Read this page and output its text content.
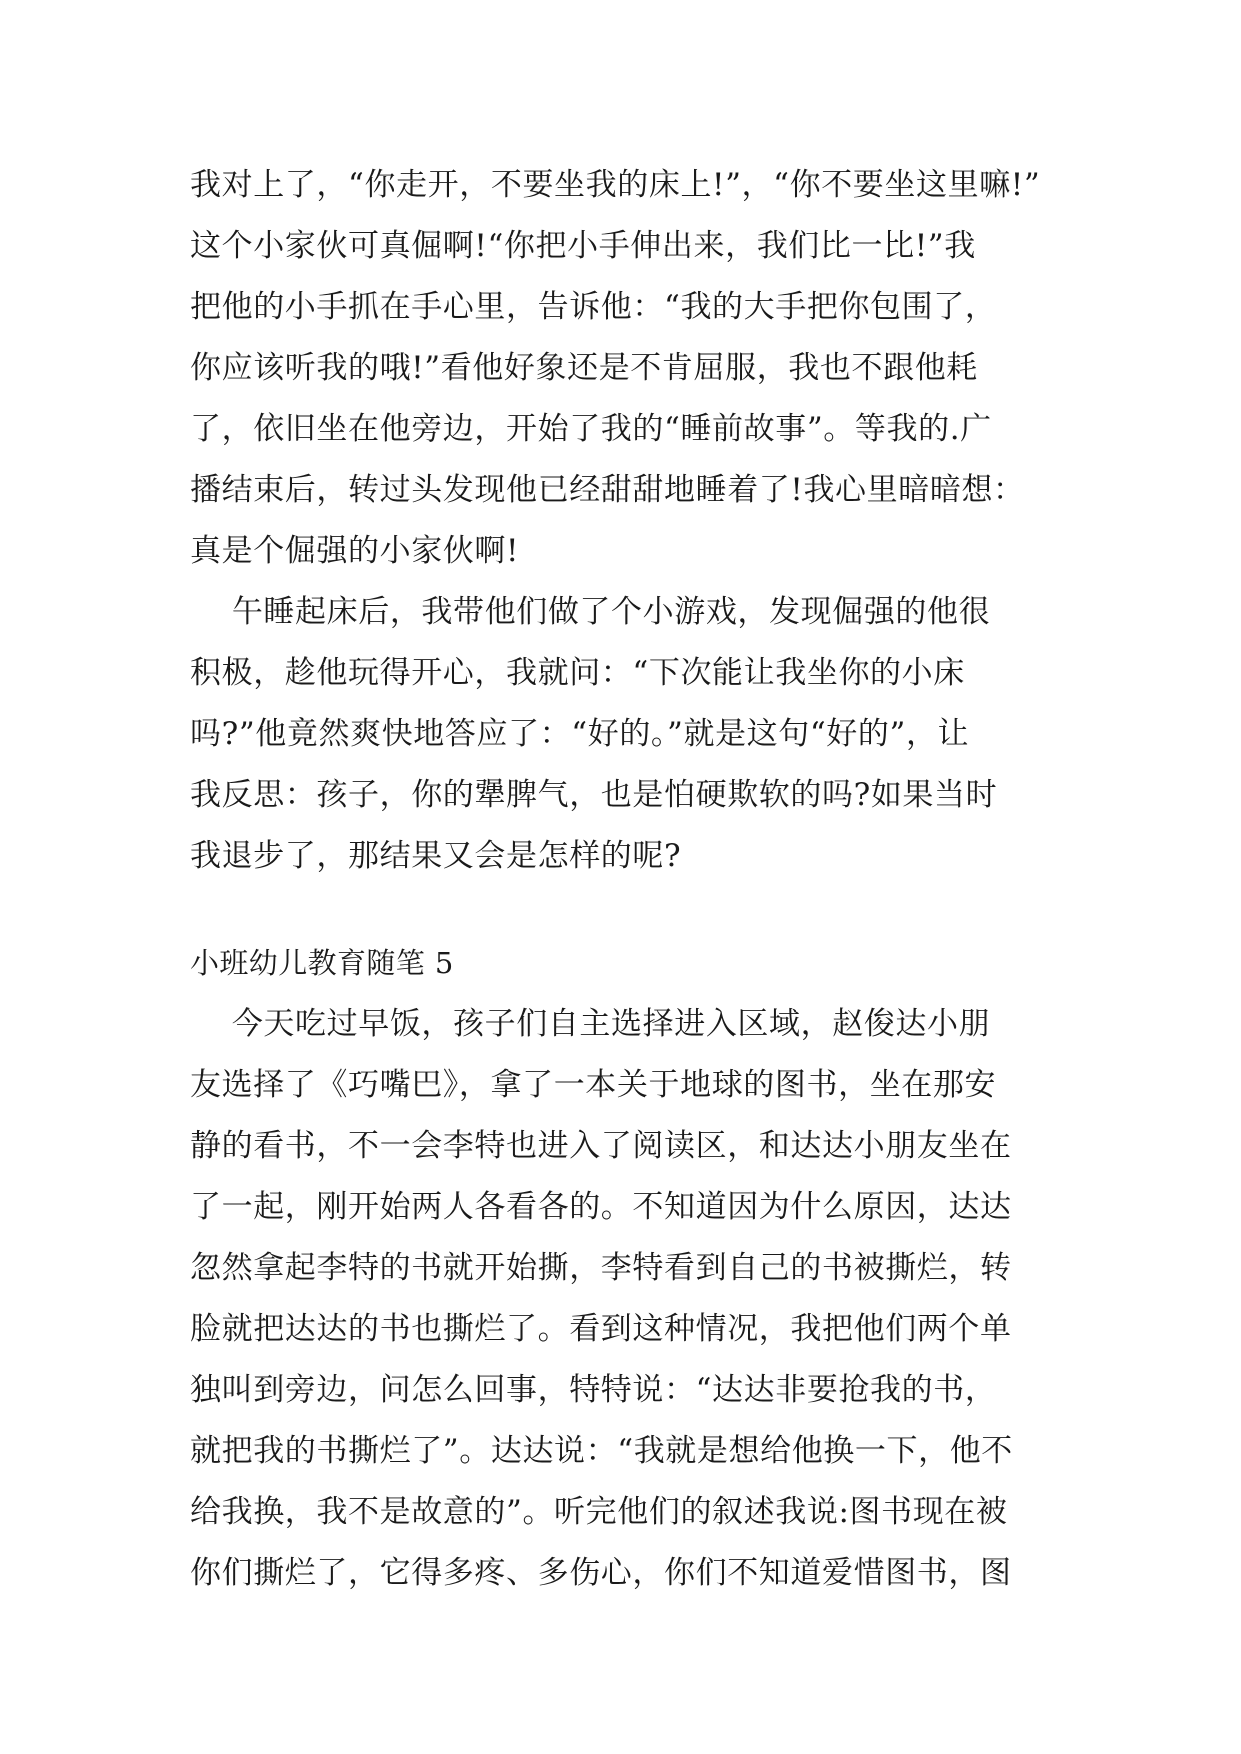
我对上了，“你走开，不要坐我的床上!”，“你不要坐这里嘛!”
这个小家伙可真倔啊!“你把小手伸出来，我们比一比!”我
把他的小手抓在手心里，告诉他：“我的大手把你包围了，
你应该听我的哦!”看他好象还是不肯屈服，我也不跟他耗
了，依旧坐在他旁边，开始了我的“睡前故事”。等我的.广
播结束后，转过头发现他已经甜甜地睡着了!我心里暗暗想：
真是个倔强的小家伙啊!
午睡起床后，我带他们做了个小游戏，发现倔强的他很
积极，趁他玩得开心，我就问：“下次能让我坐你的小床
吗?”他竟然爽快地答应了：“好的。”就是这句“好的”，让
我反思：孩子，你的犟脾气，也是怕硬欺软的吗?如果当时
我退步了，那结果又会是怎样的呢?
小班幼儿教育随笔 5
今天吃过早饭，孩子们自主选择进入区域，赵俊达小朋
友选择了《巧嘴巴》，拿了一本关于地球的图书，坐在那安
静的看书，不一会李特也进入了阅读区，和达达小朋友坐在
了一起，刚开始两人各看各的。不知道因为什么原因，达达
忽然拿起李特的书就开始撕，李特看到自己的书被撕烂，转
脸就把达达的书也撕烂了。看到这种情况，我把他们两个单
独叫到旁边，问怎么回事，特特说：“达达非要抢我的书，
就把我的书撕烂了”。达达说：“我就是想给他换一下，他不
给我换，我不是故意的”。听完他们的叙述我说:图书现在被
你们撕烂了，它得多疼、多伤心，你们不知道爱惜图书，图
